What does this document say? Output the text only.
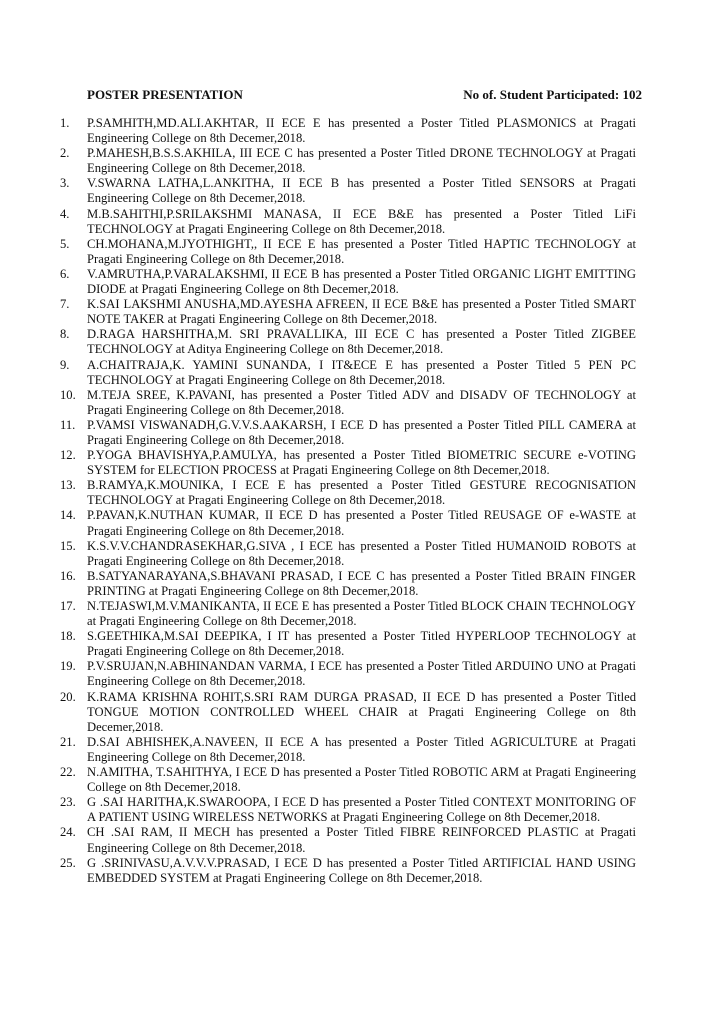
POSTER PRESENTATION	No of. Student Participated: 102
1.	P.SAMHITH,MD.ALI.AKHTAR, II ECE E has presented a Poster Titled PLASMONICS at Pragati Engineering College on 8th Decemer,2018.
2.	P.MAHESH,B.S.S.AKHILA, III ECE C has presented a Poster Titled DRONE TECHNOLOGY at Pragati Engineering College on 8th Decemer,2018.
3.	V.SWARNA LATHA,L.ANKITHA, II ECE B has presented a Poster Titled SENSORS at Pragati Engineering College on 8th Decemer,2018.
4.	M.B.SAHITHI,P.SRILAKSHMI MANASA, II ECE B&E has presented a Poster Titled LiFi TECHNOLOGY at Pragati Engineering College on 8th Decemer,2018.
5.	CH.MOHANA,M.JYOTHIGHT,, II ECE E has presented a Poster Titled HAPTIC TECHNOLOGY at Pragati Engineering College on 8th Decemer,2018.
6.	V.AMRUTHA,P.VARALAKSHMI, II ECE B has presented a Poster Titled ORGANIC LIGHT EMITTING DIODE at Pragati Engineering College on 8th Decemer,2018.
7.	K.SAI LAKSHMI ANUSHA,MD.AYESHA AFREEN, II ECE B&E has presented a Poster Titled SMART NOTE TAKER at Pragati Engineering College on 8th Decemer,2018.
8.	D.RAGA HARSHITHA,M. SRI PRAVALLIKA, III ECE C has presented a Poster Titled ZIGBEE TECHNOLOGY at Aditya Engineering College on 8th Decemer,2018.
9.	A.CHAITRAJA,K. YAMINI SUNANDA, I IT&ECE E has presented a Poster Titled 5 PEN PC TECHNOLOGY at Pragati Engineering College on 8th Decemer,2018.
10. M.TEJA SREE, K.PAVANI, has presented a Poster Titled ADV and DISADV OF TECHNOLOGY at Pragati Engineering College on 8th Decemer,2018.
11. P.VAMSI VISWANADH,G.V.V.S.AAKARSH, I ECE D has presented a Poster Titled PILL CAMERA at Pragati Engineering College on 8th Decemer,2018.
12. P.YOGA BHAVISHYA,P.AMULYA, has presented a Poster Titled BIOMETRIC SECURE e-VOTING SYSTEM for ELECTION PROCESS at Pragati Engineering College on 8th Decemer,2018.
13. B.RAMYA,K.MOUNIKA, I ECE E has presented a Poster Titled GESTURE RECOGNISATION TECHNOLOGY at Pragati Engineering College on 8th Decemer,2018.
14. P.PAVAN,K.NUTHAN KUMAR, II ECE D has presented a Poster Titled REUSAGE OF e-WASTE at Pragati Engineering College on 8th Decemer,2018.
15. K.S.V.V.CHANDRASEKHAR,G.SIVA , I ECE has presented a Poster Titled HUMANOID ROBOTS at Pragati Engineering College on 8th Decemer,2018.
16. B.SATYANARAYANA,S.BHAVANI PRASAD, I ECE C has presented a Poster Titled BRAIN FINGER PRINTING at Pragati Engineering College on 8th Decemer,2018.
17. N.TEJASWI,M.V.MANIKANTA, II ECE E has presented a Poster Titled BLOCK CHAIN TECHNOLOGY at Pragati Engineering College on 8th Decemer,2018.
18. S.GEETHIKA,M.SAI DEEPIKA, I IT has presented a Poster Titled HYPERLOOP TECHNOLOGY at Pragati Engineering College on 8th Decemer,2018.
19. P.V.SRUJAN,N.ABHINANDAN VARMA, I ECE has presented a Poster Titled ARDUINO UNO at Pragati Engineering College on 8th Decemer,2018.
20. K.RAMA KRISHNA ROHIT,S.SRI RAM DURGA PRASAD, II ECE D has presented a Poster Titled TONGUE MOTION CONTROLLED WHEEL CHAIR at Pragati Engineering College on 8th Decemer,2018.
21. D.SAI ABHISHEK,A.NAVEEN, II ECE A has presented a Poster Titled AGRICULTURE at Pragati Engineering College on 8th Decemer,2018.
22. N.AMITHA, T.SAHITHYA, I ECE D has presented a Poster Titled ROBOTIC ARM at Pragati Engineering College on 8th Decemer,2018.
23. G .SAI HARITHA,K.SWAROOPA, I ECE D has presented a Poster Titled CONTEXT MONITORING OF A PATIENT USING WIRELESS NETWORKS at Pragati Engineering College on 8th Decemer,2018.
24. CH .SAI RAM, II MECH has presented a Poster Titled FIBRE REINFORCED PLASTIC at Pragati Engineering College on 8th Decemer,2018.
25. G .SRINIVASU,A.V.V.V.PRASAD, I ECE D has presented a Poster Titled ARTIFICIAL HAND USING EMBEDDED SYSTEM at Pragati Engineering College on 8th Decemer,2018.
